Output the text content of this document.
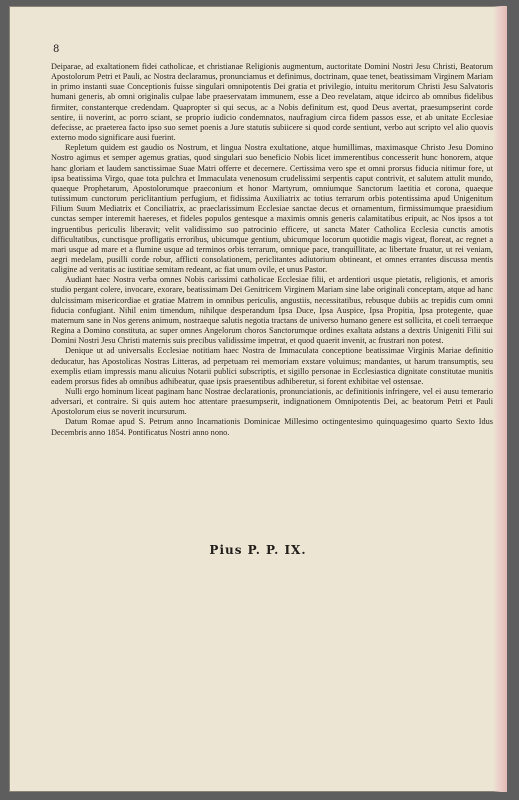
8

Deiparae, ad exaltationem fidei catholicae, et christianae Religionis augmentum, auctoritate Domini Nostri Jesu Christi, Beatorum Apostolorum Petri et Pauli, ac Nostra declaramus, pronunciamus et definimus, doctrinam, quae tenet, beatissimam Virginem Mariam in primo instanti suae Conceptionis fuisse singulari omnipotentis Dei gratia et privilegio, intuitu meritorum Christi Jesu Salvatoris humani generis, ab omni originalis culpae labe praeservatam immunem, esse a Deo revelatam, atque idcirco ab omnibus fidelibus firmiter, constanterque credendam. Quapropter si qui secus, ac a Nobis definitum est, quod Deus avertat, praesumpserint corde sentire, ii noverint, ac porro sciant, se proprio iudicio condemnatos, naufragium circa fidem passos esse, et ab unitate Ecclesiae defecisse, ac praeterea facto ipso suo semet poenis a Jure statutis subiicere si quod corde sentiunt, verbo aut scripto vel alio quovis externo modo significare ausi fuerint.

Repletum quidem est gaudio os Nostrum, et lingua Nostra exultatione, atque humillimas, maximasque Christo Jesu Domino Nostro agimus et semper agemus gratias, quod singulari suo beneficio Nobis licet immerentibus concesserit hunc honorem, atque hanc gloriam et laudem sanctissimae Suae Matri offerre et decernere. Certissima vero spe et omni prorsus fiducia nitimur fore, ut ipsa beatissima Virgo, quae tota pulchra et Immaculata venenosum crudelissimi serpentis caput contrivit, et salutem attulit mundo, quaeque Prophetarum, Apostolorumque praeconium et honor Martyrum, omniumque Sanctorum laetitia et corona, quaeque tutissimum cunctorum periclitantium perfugium, et fidissima Auxiliatrix ac totius terrarum orbis potentissima apud Unigenitum Filium Suum Mediatrix et Conciliatrix, ac praeclarissimum Ecclesiae sanctae decus et ornamentum, firmissimumque praesidium cunctas semper interemit haereses, et fideles populos gentesque a maximis omnis generis calamitatibus eripuit, ac Nos ipsos a tot ingruentibus periculis liberavit; velit validissimo suo patrocinio efficere, ut sancta Mater Catholica Ecclesia cunctis amotis difficultatibus, cunctisque profligatis erroribus, ubicumque gentium, ubicumque locorum quotidie magis vigeat, floreat, ac regnet a mari usque ad mare et a flumine usque ad terminos orbis terrarum, omnique pace, tranquillitate, ac libertate fruatur, ut rei veniam, aegri medelam, pusilli corde robur, afflicti consolationem, periclitantes adiutorium obtineant, et omnes errantes discussa mentis caligine ad veritatis ac iustitiae semitam redeant, ac fiat unum ovile, et unus Pastor.

Audiant haec Nostra verba omnes Nobis carissimi catholicae Ecclesiae filii, et ardentiori usque pietatis, religionis, et amoris studio pergant colere, invocare, exorare, beatissimam Dei Genitricem Virginem Mariam sine labe originali conceptam, atque ad hanc dulcissimam misericordiae et gratiae Matrem in omnibus periculis, angustiis, necessitatibus, rebusque dubiis ac trepidis cum omni fiducia confugiant. Nihil enim timendum, nihilque desperandum Ipsa Duce, Ipsa Auspice, Ipsa Propitia, Ipsa protegente, quae maternum sane in Nos gerens animum, nostraeque salutis negotia tractans de universo humano genere est sollicita, et coeli terraeque Regina a Domino constituta, ac super omnes Angelorum choros Sanctorumque ordines exaltata adstans a dextris Unigeniti Filii sui Domini Nostri Jesu Christi maternis suis precibus validissime impetrat, et quod quaerit invenit, ac frustrari non potest.

Denique ut ad universalis Ecclesiae notitiam haec Nostra de Immaculata conceptione beatissimae Virginis Mariae definitio deducatur, has Apostolicas Nostras Litteras, ad perpetuam rei memoriam exstare voluimus; mandantes, ut harum transumptis, seu exemplis etiam impressis manu alicuius Notarii publici subscriptis, et sigillo personae in Ecclesiastica dignitate constitutae munitis eadem prorsus fides ab omnibus adhibeatur, quae ipsis praesentibus adhiberetur, si forent exhibitae vel ostensae.

Nulli ergo hominum liceat paginam hanc Nostrae declarationis, pronunciationis, ac definitionis infringere, vel ei ausu temerario adversari, et contraire. Si quis autem hoc attentare praesumpserit, indignationem Omnipotentis Dei, ac beatorum Petri et Pauli Apostolorum eius se noverit incursurum.

Datum Romae apud S. Petrum anno Incarnationis Dominicae Millesimo octingentesimo quinquagesimo quarto Sexto Idus Decembris anno 1854. Pontificatus Nostri anno nono.

Pius P. P. IX.
